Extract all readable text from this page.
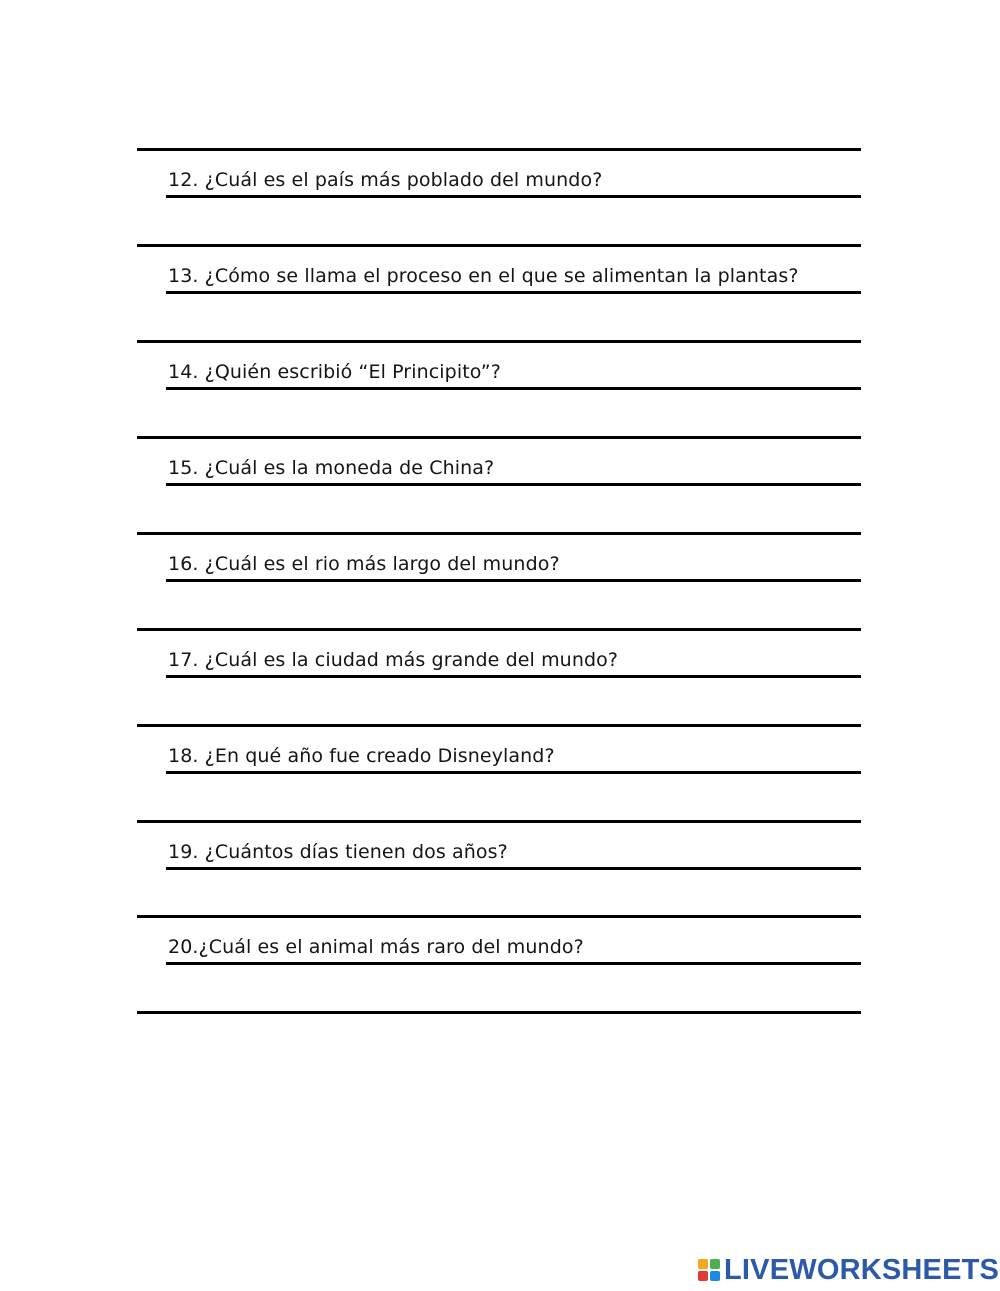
12. ¿Cuál es el país más poblado del mundo?
13. ¿Cómo se llama el proceso en el que se alimentan la plantas?
14. ¿Quién escribió “El Principito”?
15. ¿Cuál es la moneda de China?
16. ¿Cuál es el rio más largo del mundo?
17. ¿Cuál es la ciudad más grande del mundo?
18. ¿En qué año fue creado Disneyland?
19. ¿Cuántos días tienen dos años?
20.¿Cuál es el animal más raro del mundo?
LIVEWORKSHEETS
